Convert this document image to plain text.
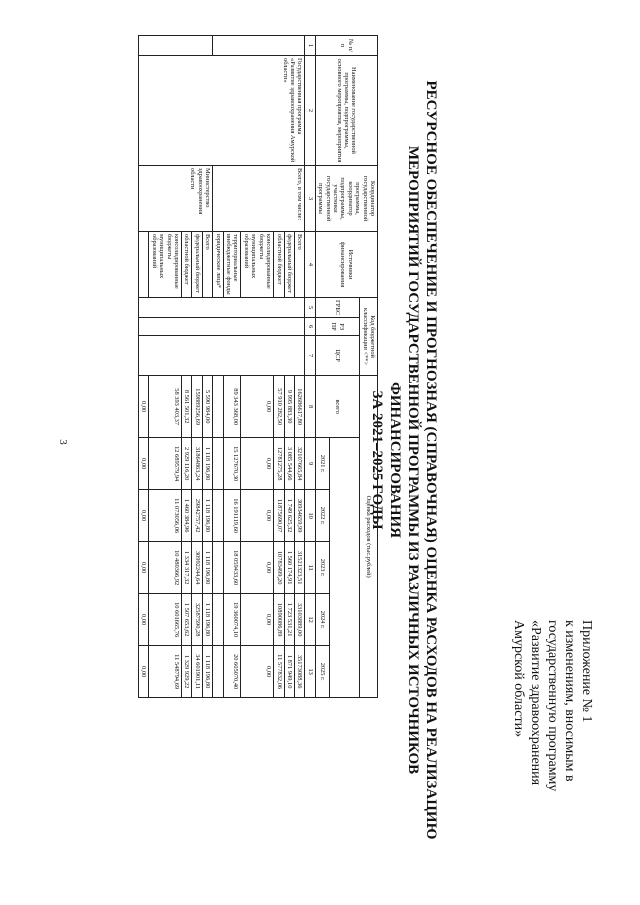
3
Приложение № 1
к изменениям, вносимым в
государственную программу
«Развитие здравоохранения
Амурской области»
РЕСУРСНОЕ ОБЕСПЕЧЕНИЕ И ПРОГНОЗНАЯ (СПРАВОЧНАЯ) ОЦЕНКА РАСХОДОВ НА РЕАЛИЗАЦИЮ
МЕРОПРИЯТИЙ ГОСУДАРСТВЕННОЙ ПРОГРАММЫ ИЗ РАЗЛИЧНЫХ ИСТОЧНИКОВ ФИНАНСИРОВАНИЯ
ЗА 2021–2025 ГОДЫ
№ п/п	Наименование государственной программы, подпрограммы, основного мероприятия, мероприятия	Координатор государственной программы, координатор подпрограммы, участники государственной программы	Источники финансирования	Код бюджетной классификации <**>			Оценка расходов (тыс.рублей)					
				ГРБС	РЗ ПР	ЦСР	всего					
								2021 г.	2022 г.	2023 г.	2024 г.	2025 г.
1	2	3	4	5	6	7	8	9	10	11	12	13
	Государственная программа «Развитие здравоохранения Амурской области»	Всего, в том числе:	Всего				162686617,80	32107665,84	30934659,99	31521323,51	33103889,00	35173088,36
			федеральный бюджет				9 995 883,30	3 085 544,66	1 749 625,32	1 560 174,91	1 723 531,21	1 871 949,10
			областной бюджет				57 910 282,50	12781275,28	11875690,07	10783499,20	10890086,89	11 577832,06
			консолидированные бюджеты муниципальных образований				0,00	0,00	0,00	0,00	0,00	0,00
			территориальные внебюджетные фонды				89 343 368,00	15 127670,30	16 191119,60	18 059433,60	19 360074,10	20 605070,40
			юридические лица*									
		Министерство здравоохранения области	Всего				5 590 984,00	1 118 196,80	1 118 196,80	1 118 196,80	1 118 196,80	1 118 196,80
			федеральный бюджет				159889256,69	31864863,24	29842757,42	30992244,64	32587590,28	34 601901,11
			областной бюджет				8 561 501,32	2 929 116,20	1 460 384,96	1 334 317,32	1 507 653,62	1 329 929,22
			консолидированные бюджеты муниципальных образований				58 393 403,37	12 689579,94	11 073056,06	10 480366,92	10 601665,76	11 548794,69
							0,00	0,00	0,00	0,00	0,00	0,00
